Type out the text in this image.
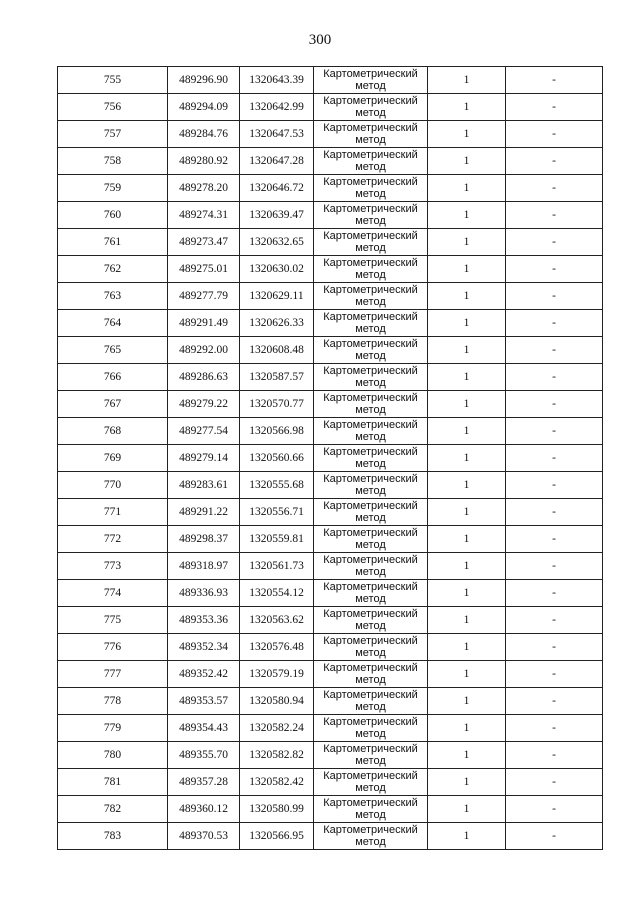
300
755	489296.90	1320643.39	Картометрический метод	1	-
756	489294.09	1320642.99	Картометрический метод	1	-
757	489284.76	1320647.53	Картометрический метод	1	-
758	489280.92	1320647.28	Картометрический метод	1	-
759	489278.20	1320646.72	Картометрический метод	1	-
760	489274.31	1320639.47	Картометрический метод	1	-
761	489273.47	1320632.65	Картометрический метод	1	-
762	489275.01	1320630.02	Картометрический метод	1	-
763	489277.79	1320629.11	Картометрический метод	1	-
764	489291.49	1320626.33	Картометрический метод	1	-
765	489292.00	1320608.48	Картометрический метод	1	-
766	489286.63	1320587.57	Картометрический метод	1	-
767	489279.22	1320570.77	Картометрический метод	1	-
768	489277.54	1320566.98	Картометрический метод	1	-
769	489279.14	1320560.66	Картометрический метод	1	-
770	489283.61	1320555.68	Картометрический метод	1	-
771	489291.22	1320556.71	Картометрический метод	1	-
772	489298.37	1320559.81	Картометрический метод	1	-
773	489318.97	1320561.73	Картометрический метод	1	-
774	489336.93	1320554.12	Картометрический метод	1	-
775	489353.36	1320563.62	Картометрический метод	1	-
776	489352.34	1320576.48	Картометрический метод	1	-
777	489352.42	1320579.19	Картометрический метод	1	-
778	489353.57	1320580.94	Картометрический метод	1	-
779	489354.43	1320582.24	Картометрический метод	1	-
780	489355.70	1320582.82	Картометрический метод	1	-
781	489357.28	1320582.42	Картометрический метод	1	-
782	489360.12	1320580.99	Картометрический метод	1	-
783	489370.53	1320566.95	Картометрический метод	1	-
